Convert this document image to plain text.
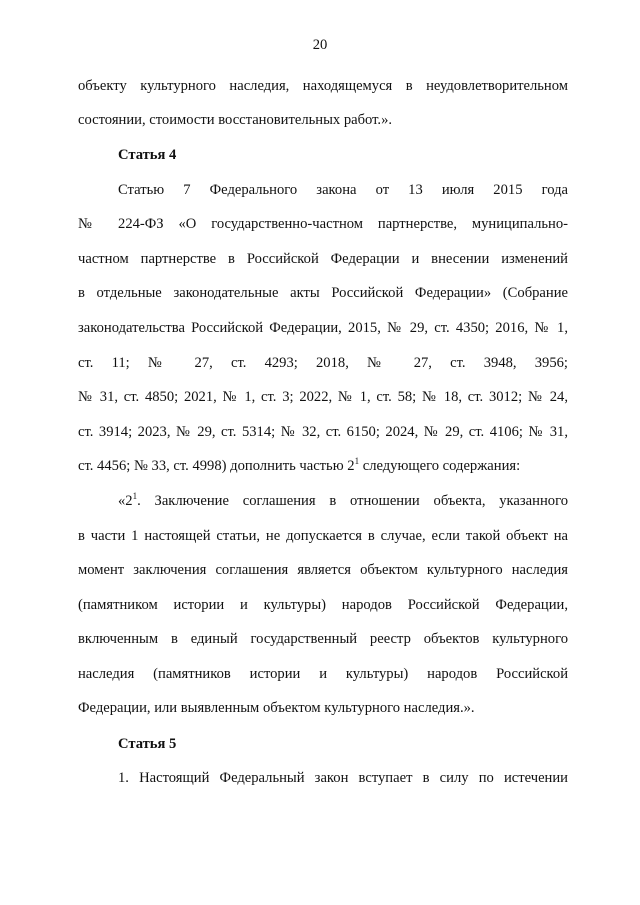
20
объекту культурного наследия, находящемуся в неудовлетворительном
состоянии, стоимости восстановительных работ.».
Статья 4
Статью 7 Федерального закона от 13 июля 2015 года
№ 224-ФЗ «О государственно-частном партнерстве, муниципально-
частном партнерстве в Российской Федерации и внесении изменений
в отдельные законодательные акты Российской Федерации» (Собрание
законодательства Российской Федерации, 2015, № 29, ст. 4350; 2016, № 1,
ст. 11; № 27, ст. 4293; 2018, № 27, ст. 3948, 3956;
№ 31, ст. 4850; 2021, № 1, ст. 3; 2022, № 1, ст. 58; № 18, ст. 3012; № 24,
ст. 3914; 2023, № 29, ст. 5314; № 32, ст. 6150; 2024, № 29, ст. 4106; № 31,
ст. 4456; № 33, ст. 4998) дополнить частью $2^1$ следующего содержания:
«$2^1$. Заключение соглашения в отношении объекта, указанного
в части 1 настоящей статьи, не допускается в случае, если такой объект на
момент заключения соглашения является объектом культурного наследия
(памятником истории и культуры) народов Российской Федерации,
включенным в единый государственный реестр объектов культурного
наследия (памятников истории и культуры) народов Российской
Федерации, или выявленным объектом культурного наследия.».
Статья 5
1. Настоящий Федеральный закон вступает в силу по истечении
